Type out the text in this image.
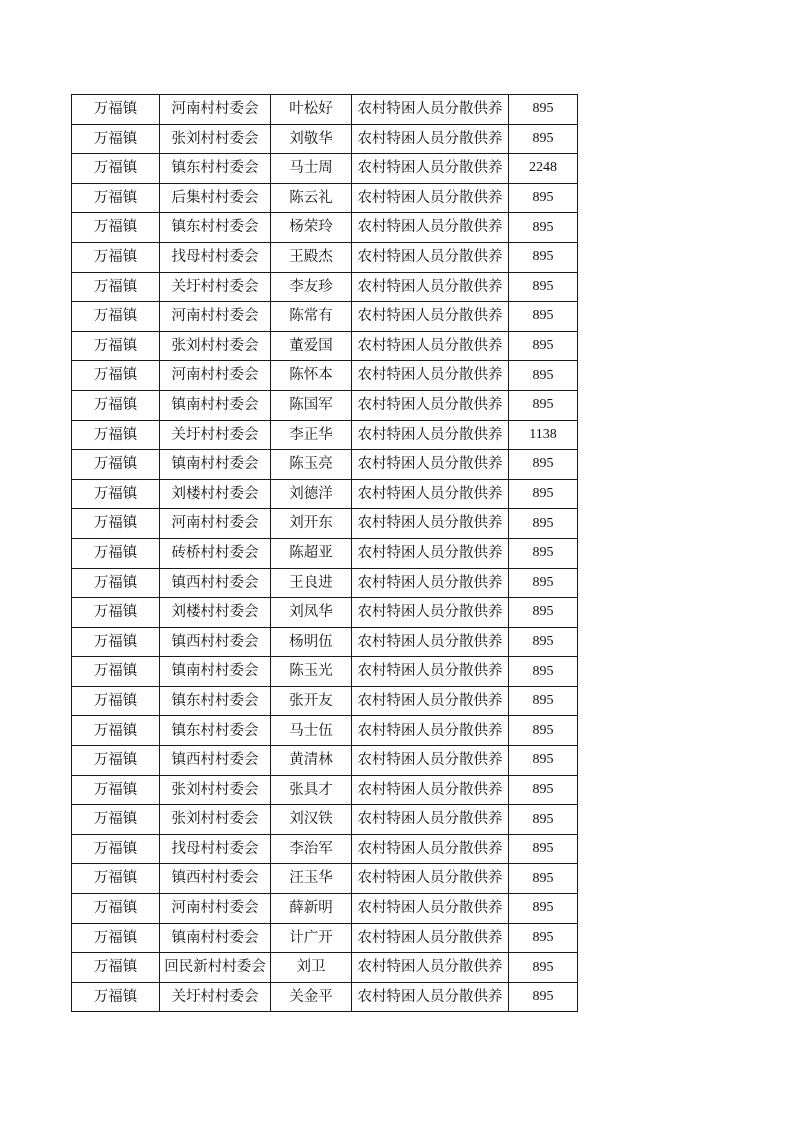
万福镇	河南村村委会	叶松好	农村特困人员分散供养	895
万福镇	张刘村村委会	刘敬华	农村特困人员分散供养	895
万福镇	镇东村村委会	马士周	农村特困人员分散供养	2248
万福镇	后集村村委会	陈云礼	农村特困人员分散供养	895
万福镇	镇东村村委会	杨荣玲	农村特困人员分散供养	895
万福镇	找母村村委会	王殿杰	农村特困人员分散供养	895
万福镇	关圩村村委会	李友珍	农村特困人员分散供养	895
万福镇	河南村村委会	陈常有	农村特困人员分散供养	895
万福镇	张刘村村委会	董爱国	农村特困人员分散供养	895
万福镇	河南村村委会	陈怀本	农村特困人员分散供养	895
万福镇	镇南村村委会	陈国军	农村特困人员分散供养	895
万福镇	关圩村村委会	李正华	农村特困人员分散供养	1138
万福镇	镇南村村委会	陈玉亮	农村特困人员分散供养	895
万福镇	刘楼村村委会	刘德洋	农村特困人员分散供养	895
万福镇	河南村村委会	刘开东	农村特困人员分散供养	895
万福镇	砖桥村村委会	陈超亚	农村特困人员分散供养	895
万福镇	镇西村村委会	王良进	农村特困人员分散供养	895
万福镇	刘楼村村委会	刘凤华	农村特困人员分散供养	895
万福镇	镇西村村委会	杨明伍	农村特困人员分散供养	895
万福镇	镇南村村委会	陈玉光	农村特困人员分散供养	895
万福镇	镇东村村委会	张开友	农村特困人员分散供养	895
万福镇	镇东村村委会	马士伍	农村特困人员分散供养	895
万福镇	镇西村村委会	黄清林	农村特困人员分散供养	895
万福镇	张刘村村委会	张具才	农村特困人员分散供养	895
万福镇	张刘村村委会	刘汉铁	农村特困人员分散供养	895
万福镇	找母村村委会	李治军	农村特困人员分散供养	895
万福镇	镇西村村委会	汪玉华	农村特困人员分散供养	895
万福镇	河南村村委会	薛新明	农村特困人员分散供养	895
万福镇	镇南村村委会	计广开	农村特困人员分散供养	895
万福镇	回民新村村委会	刘卫	农村特困人员分散供养	895
万福镇	关圩村村委会	关金平	农村特困人员分散供养	895
